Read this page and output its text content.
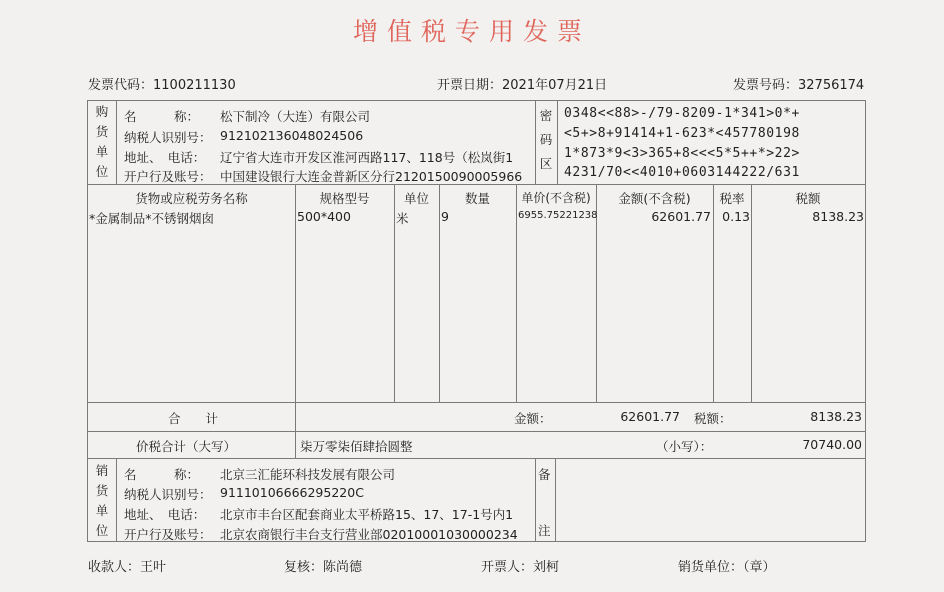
增值税专用发票
发票代码：1100211130	开票日期：2021年07月21日	发票号码：32756174
购
货
单
位
名　　　称： 松下制冷（大连）有限公司
纳税人识别号： 912102136048024506
地址、　电话： 辽宁省大连市开发区淮河西路117、118号（松岚街1
开户行及账号： 中国建设银行大连金普新区分行2120150090005966
密
码
区
0348<<88>-/79-8209-1*341>0*+
<5+>8+91414+1-623*<457780198
1*873*9<3>365+8<<<5*5++*>22>
4231/70<<4010+0603144222/631
货物或应税劳务名称	规格型号	单位	数量	单价(不含税)	金额(不含税)	税率	税额
*金属制品*不锈钢烟囱	500*400	米	9	6955.75221238	62601.77 0.13	8138.23
合　　计	金额：	62601.77 税额：	8138.23
价税合计（大写）	柒万零柒佰肆拾圆整	（小写）：	70740.00
销
货
单
位
名　　　称： 北京三汇能环科技发展有限公司
纳税人识别号： 91110106666295220C
地址、　电话： 北京市丰台区配套商业太平桥路15、17、17-1号内1
开户行及账号： 北京农商银行丰台支行营业部0201000103000023​4
备
注
收款人：王叶	复核：陈尚德	开票人：刘柯	销货单位：（章）
